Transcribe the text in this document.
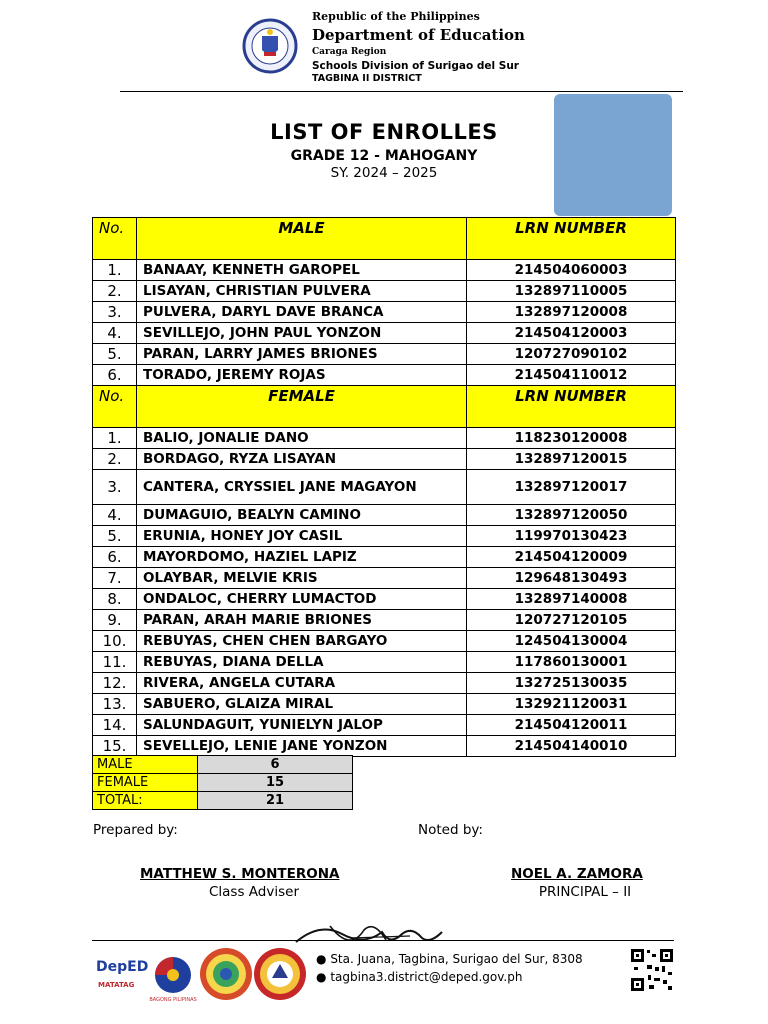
Republic of the Philippines
Department of Education
Caraga Region
Schools Division of Surigao del Sur
TAGBINA II DISTRICT
LIST OF ENROLLES
GRADE 12 - MAHOGANY
SY. 2024 – 2025
No.	MALE	LRN NUMBER
1.	BANAAY, KENNETH GAROPEL	214504060003
2.	LISAYAN, CHRISTIAN PULVERA	132897110005
3.	PULVERA, DARYL DAVE BRANCA	132897120008
4.	SEVILLEJO, JOHN PAUL YONZON	214504120003
5.	PARAN, LARRY JAMES BRIONES	120727090102
6.	TORADO, JEREMY ROJAS	214504110012

No.	FEMALE	LRN NUMBER
1.	BALIO, JONALIE DANO	118230120008
2.	BORDAGO, RYZA LISAYAN	132897120015
3.	CANTERA, CRYSSIEL JANE MAGAYON	132897120017
4.	DUMAGUIO, BEALYN CAMINO	132897120050
5.	ERUNIA, HONEY JOY CASIL	119970130423
6.	MAYORDOMO, HAZIEL LAPIZ	214504120009
7.	OLAYBAR, MELVIE KRIS	129648130493
8.	ONDALOC, CHERRY LUMACTOD	132897140008
9.	PARAN, ARAH MARIE BRIONES	120727120105
10.	REBUYAS, CHEN CHEN BARGAYO	124504130004
11.	REBUYAS, DIANA DELLA	117860130001
12.	RIVERA, ANGELA CUTARA	132725130035
13.	SABUERO, GLAIZA MIRAL	132921120031
14.	SALUNDAGUIT, YUNIELYN JALOP	214504120011
15.	SEVELLEJO, LENIE JANE YONZON	214504140010
MALE	6
FEMALE	15
TOTAL:	21
Prepared by:	Noted by:
MATTHEW S. MONTERONA
Class Adviser
NOEL A. ZAMORA
PRINCIPAL – II
DepED
MATATAG
BAGONG PILIPINAS
● Sta. Juana, Tagbina, Surigao del Sur, 8308
● tagbina3.district@deped.gov.ph
